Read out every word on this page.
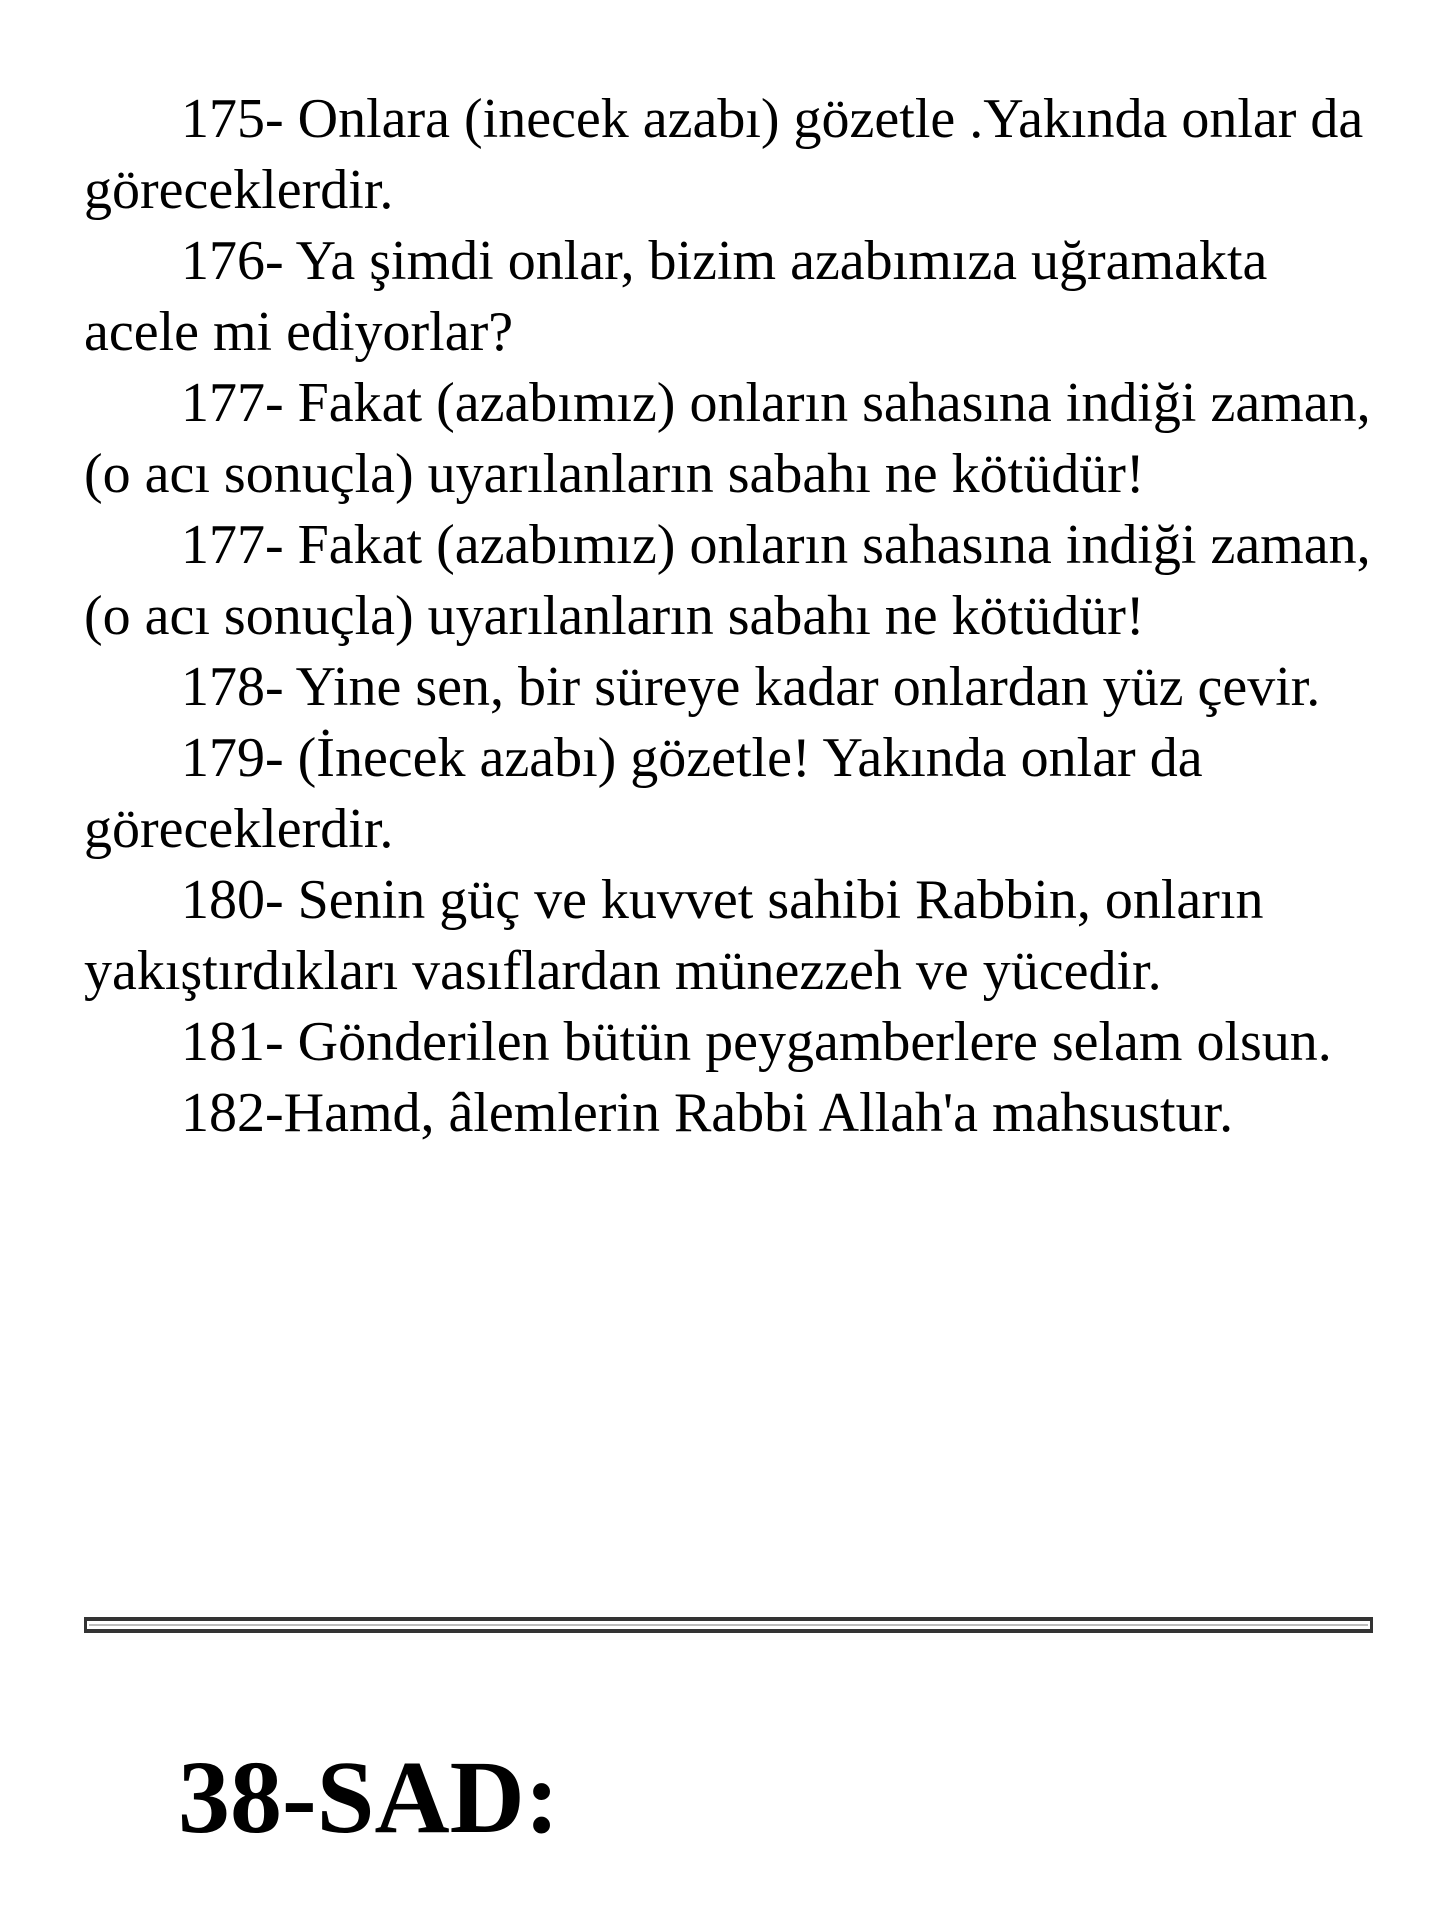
175- Onlara (inecek azabı) gözetle .Yakında onlar da göreceklerdir.

176- Ya şimdi onlar, bizim azabımıza uğramakta acele mi ediyorlar?

177- Fakat (azabımız) onların sahasına indiği zaman, (o acı sonuçla) uyarılanların sabahı ne kötüdür!

177- Fakat (azabımız) onların sahasına indiği zaman, (o acı sonuçla) uyarılanların sabahı ne kötüdür!

178- Yine sen, bir süreye kadar onlardan yüz çevir.

179- (İnecek azabı) gözetle! Yakında onlar da göreceklerdir.

180- Senin güç ve kuvvet sahibi Rabbin, onların yakıştırdıkları vasıflardan münezzeh ve yücedir.

181- Gönderilen bütün peygamberlere selam olsun.

182-Hamd, âlemlerin Rabbi Allah'a mahsustur.

38-SAD:
